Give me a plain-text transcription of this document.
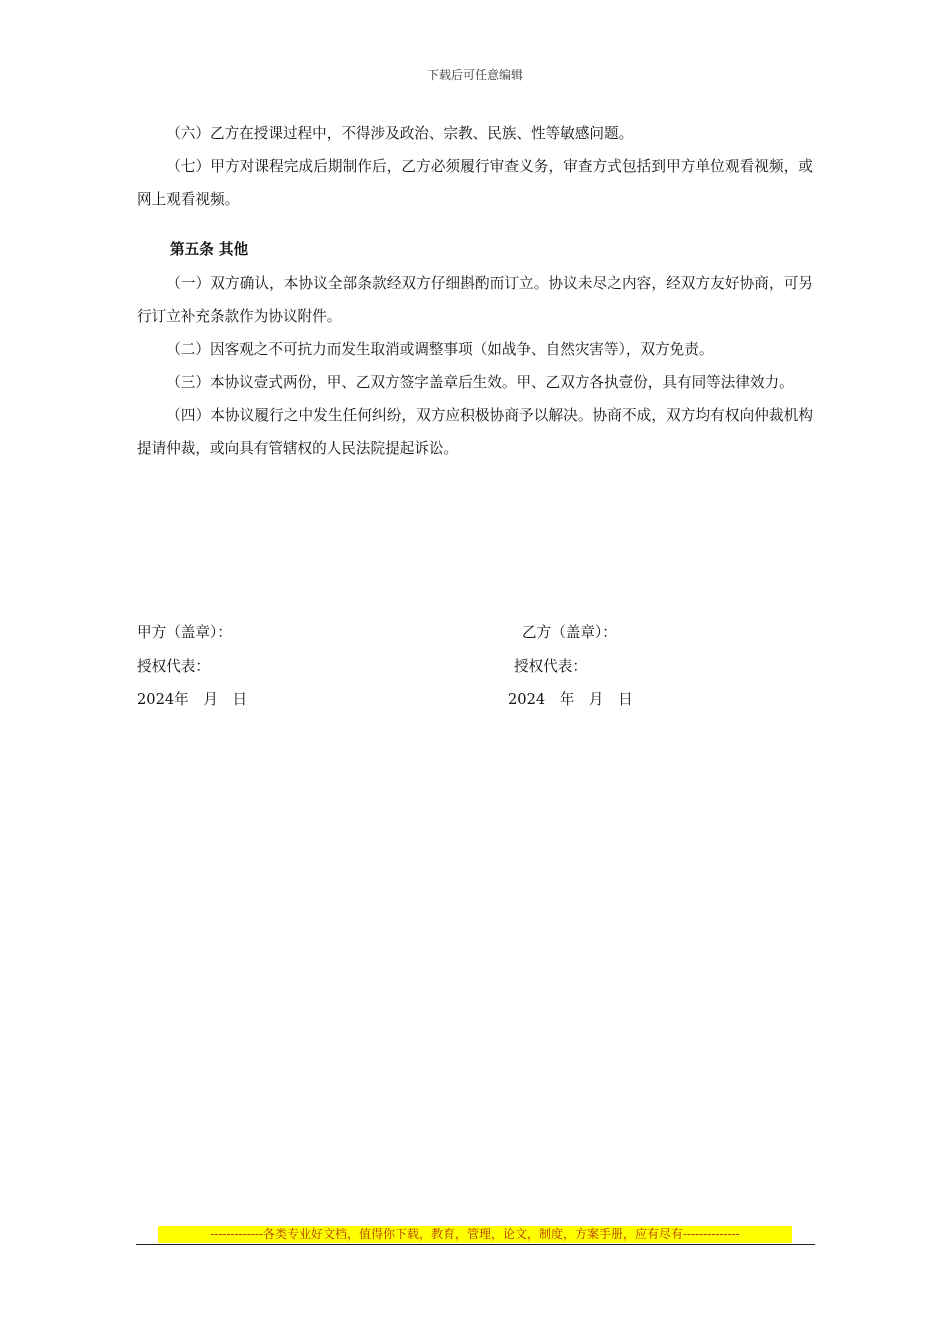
下载后可任意编辑

（六）乙方在授课过程中，不得涉及政治、宗教、民族、性等敏感问题。

（七）甲方对课程完成后期制作后，乙方必须履行审查义务，审查方式包括到甲方单位观看视频，或网上观看视频。

第五条 其他

（一）双方确认，本协议全部条款经双方仔细斟酌而订立。协议未尽之内容，经双方友好协商，可另行订立补充条款作为协议附件。

（二）因客观之不可抗力而发生取消或调整事项（如战争、自然灾害等），双方免责。

（三）本协议壹式两份，甲、乙双方签字盖章后生效。甲、乙双方各执壹份，具有同等法律效力。

（四）本协议履行之中发生任何纠纷，双方应积极协商予以解决。协商不成，双方均有权向仲裁机构提请仲裁，或向具有管辖权的人民法院提起诉讼。

甲方（盖章）：
授权代表：
2024年　月　日
乙方（盖章）：
授权代表：
2024　年　月　日
-------------各类专业好文档，值得你下载，教育，管理，论文，制度，方案手册，应有尽有--------------
